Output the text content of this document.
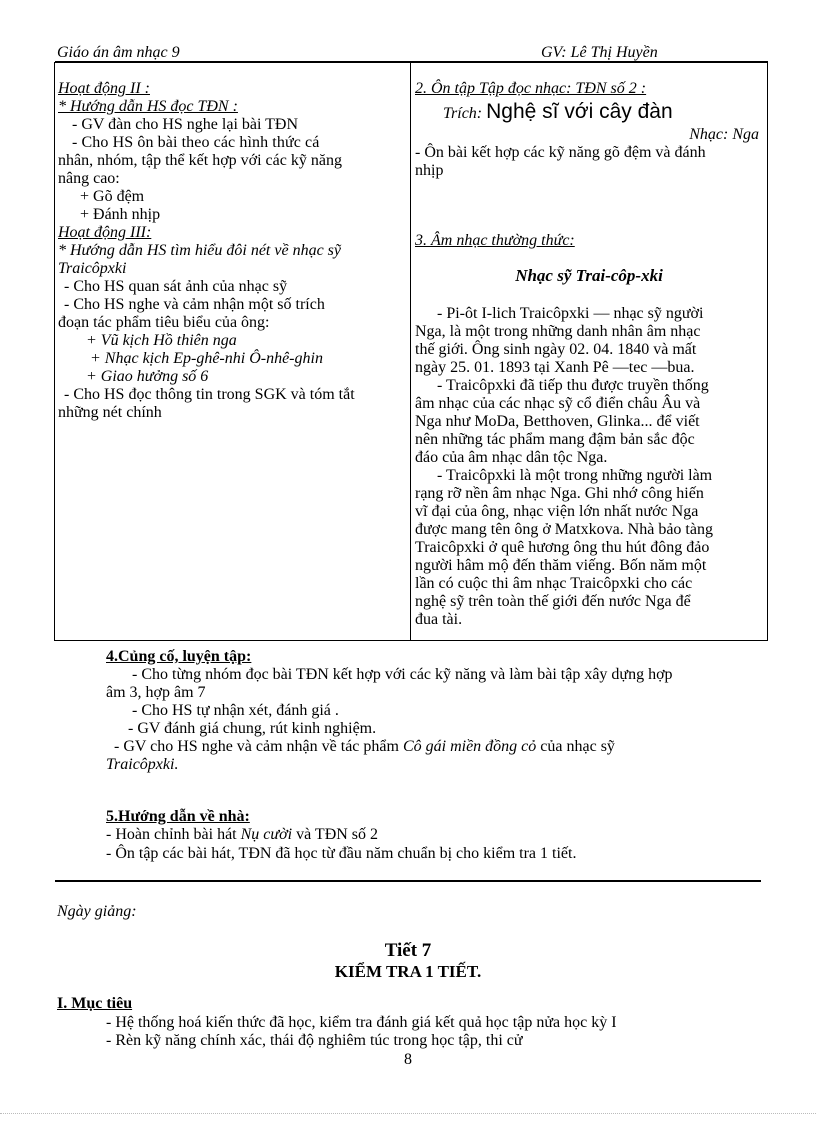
Giáo án âm nhạc 9	GV: Lê Thị Huyền
Hoạt động II :
* Hướng dẫn HS đọc TĐN :
- GV đàn cho HS nghe lại bài TĐN
- Cho HS ôn bài theo các hình thức cá
nhân, nhóm, tập thể kết hợp với các kỹ năng
nâng cao:
+ Gõ đệm
+ Đánh nhịp
Hoạt động III:
* Hướng dẫn HS tìm hiểu đôi nét về nhạc sỹ
Traicôpxki
- Cho HS quan sát ảnh của nhạc sỹ
- Cho HS nghe và cảm nhận một số trích
đoạn tác phẩm tiêu biểu của ông:
+ Vũ kịch Hồ thiên nga
+ Nhạc kịch Ep-ghê-nhi Ô-nhê-ghin
+ Giao hưởng số 6
- Cho HS đọc thông tin trong SGK và tóm tắt
những nét chính
2. Ôn tập Tập đọc nhạc: TĐN số 2 :
Trích: Nghệ sĩ với cây đàn
Nhạc: Nga
- Ôn bài kết hợp các kỹ năng gõ đệm và đánh
nhịp
3. Âm nhạc thường thức:
Nhạc sỹ Trai-côp-xki
- Pi-ôt I-lich Traicôpxki — nhạc sỹ người
Nga, là một trong những danh nhân âm nhạc
thế giới. Ông sinh ngày 02. 04. 1840 và mất
ngày 25. 01. 1893 tại Xanh Pê —tec —bua.
- Traicôpxki đã tiếp thu được truyền thống
âm nhạc của các nhạc sỹ cổ điển châu Âu và
Nga như MoDa, Betthoven, Glinka... để viết
nên những tác phẩm mang đậm bản sắc độc
đáo của âm nhạc dân tộc Nga.
- Traicôpxki là một trong những người làm
rạng rỡ nền âm nhạc Nga. Ghi nhớ công hiến
vĩ đại của ông, nhạc viện lớn nhất nước Nga
được mang tên ông ở Matxkova. Nhà bảo tàng
Traicôpxki ở quê hương ông thu hút đông đảo
người hâm mộ đến thăm viếng. Bốn năm một
lần có cuộc thi âm nhạc Traicôpxki cho các
nghệ sỹ trên toàn thế giới đến nước Nga để
đua tài.
4.Củng cố, luyện tập:
- Cho từng nhóm đọc bài TĐN kết hợp với các kỹ năng và làm bài tập xây dựng hợp
âm 3, hợp âm 7
- Cho HS tự nhận xét, đánh giá .
- GV đánh giá chung, rút kinh nghiệm.
- GV cho HS nghe và cảm nhận về tác phẩm Cô gái miền đồng cỏ của nhạc sỹ
Traicôpxki.
5.Hướng dẫn về nhà:
- Hoàn chỉnh bài hát Nụ cười và TĐN số 2
- Ôn tập các bài hát, TĐN đã học từ đầu năm chuẩn bị cho kiểm tra 1 tiết.
Ngày giảng:
Tiết 7
KIỂM TRA 1 TIẾT.
I. Mục tiêu
- Hệ thống hoá kiến thức đã học, kiểm tra đánh giá kết quả học tập nửa học kỳ I
- Rèn kỹ năng chính xác, thái độ nghiêm túc trong học tập, thi cử
8
